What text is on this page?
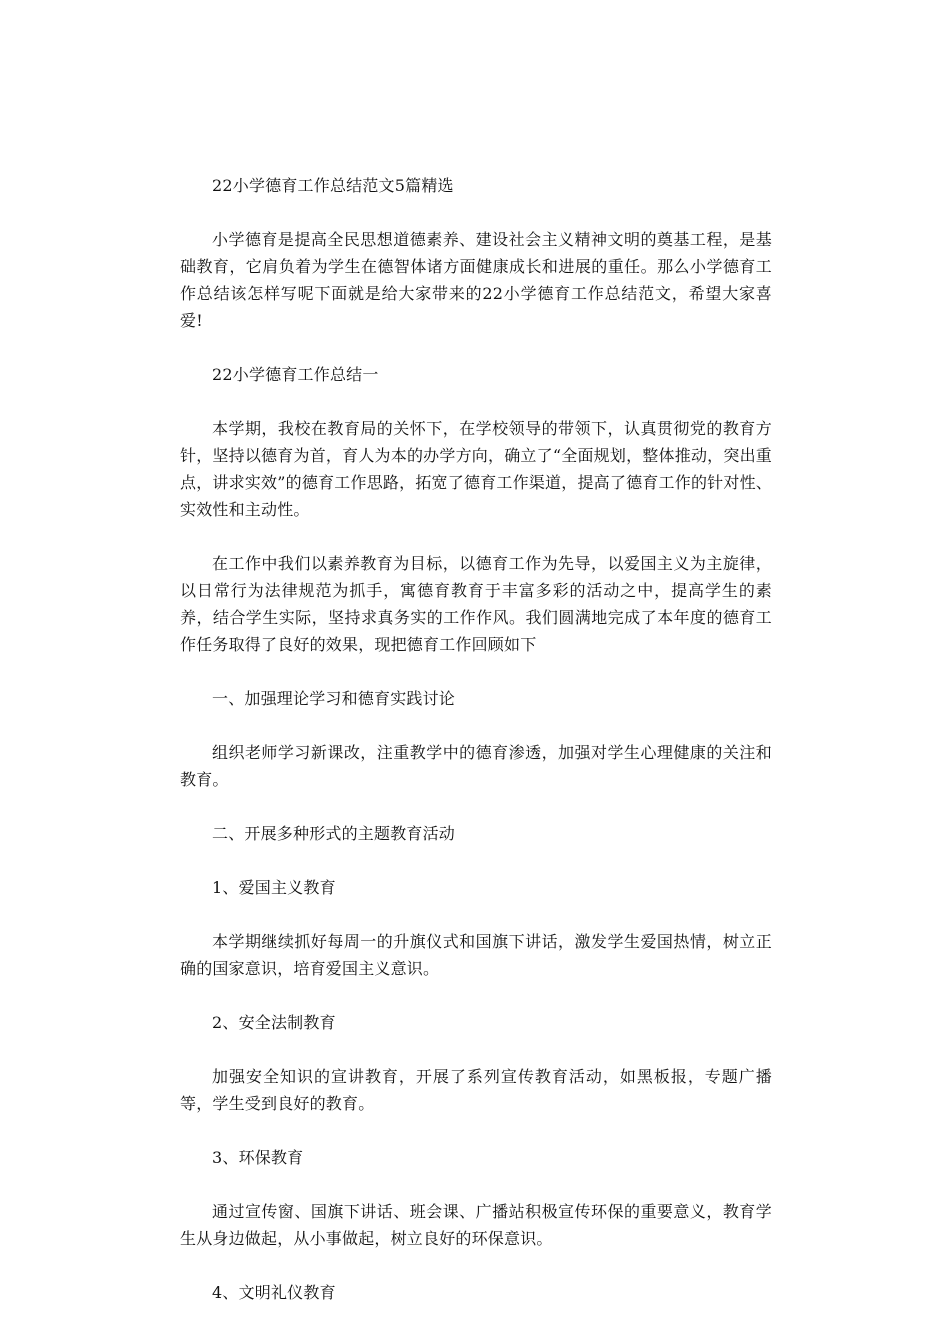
22小学德育工作总结范文5篇精选

小学德育是提高全民思想道德素养、建设社会主义精神文明的奠基工程，是基础教育，它肩负着为学生在德智体诸方面健康成长和进展的重任。那么小学德育工作总结该怎样写呢下面就是给大家带来的22小学德育工作总结范文，希望大家喜爱!

22小学德育工作总结一

本学期，我校在教育局的关怀下，在学校领导的带领下，认真贯彻党的教育方针，坚持以德育为首，育人为本的办学方向，确立了“全面规划，整体推动，突出重点，讲求实效”的德育工作思路，拓宽了德育工作渠道，提高了德育工作的针对性、实效性和主动性。

在工作中我们以素养教育为目标，以德育工作为先导，以爱国主义为主旋律，以日常行为法律规范为抓手，寓德育教育于丰富多彩的活动之中，提高学生的素养，结合学生实际，坚持求真务实的工作作风。我们圆满地完成了本年度的德育工作任务取得了良好的效果，现把德育工作回顾如下

一、加强理论学习和德育实践讨论

组织老师学习新课改，注重教学中的德育渗透，加强对学生心理健康的关注和教育。

二、开展多种形式的主题教育活动

1、爱国主义教育

本学期继续抓好每周一的升旗仪式和国旗下讲话，激发学生爱国热情，树立正确的国家意识，培育爱国主义意识。

2、安全法制教育

加强安全知识的宣讲教育，开展了系列宣传教育活动，如黑板报，专题广播等，学生受到良好的教育。

3、环保教育

通过宣传窗、国旗下讲话、班会课、广播站积极宣传环保的重要意义，教育学生从身边做起，从小事做起，树立良好的环保意识。

4、文明礼仪教育
